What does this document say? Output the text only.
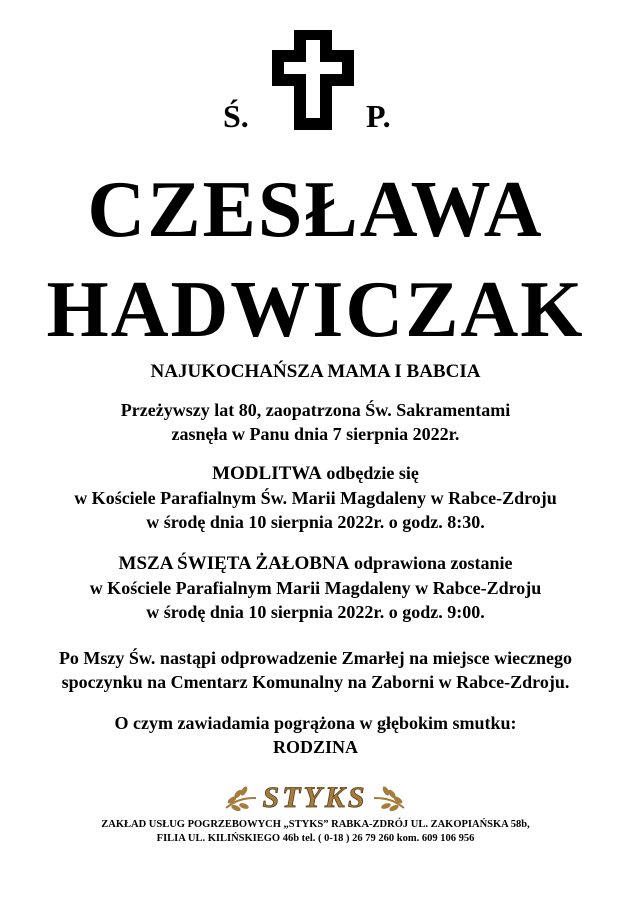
Ś.	P.
CZESŁAWA
HADWICZAK
NAJUKOCHAŃSZA MAMA I BABCIA
Przeżywszy lat 80, zaopatrzona Św. Sakramentami
zasnęła w Panu dnia 7 sierpnia 2022r.
MODLITWA odbędzie się
w Kościele Parafialnym Św. Marii Magdaleny w Rabce-Zdroju
w środę dnia 10 sierpnia 2022r. o godz. 8:30.
MSZA ŚWIĘTA ŻAŁOBNA odprawiona zostanie
w Kościele Parafialnym Marii Magdaleny w Rabce-Zdroju
w środę dnia 10 sierpnia 2022r. o godz. 9:00.
Po Mszy Św. nastąpi odprowadzenie Zmarłej na miejsce wiecznego
spoczynku na Cmentarz Komunalny na Zaborni w Rabce-Zdroju.
O czym zawiadamia pogrążona w głębokim smutku:
RODZINA
STYKS
ZAKŁAD USŁUG POGRZEBOWYCH „STYKS” RABKA-ZDRÓJ UL. ZAKOPIAŃSKA 58b,
FILIA UL. KILIŃSKIEGO 46b tel. ( 0-18 ) 26 79 260 kom. 609 106 956
